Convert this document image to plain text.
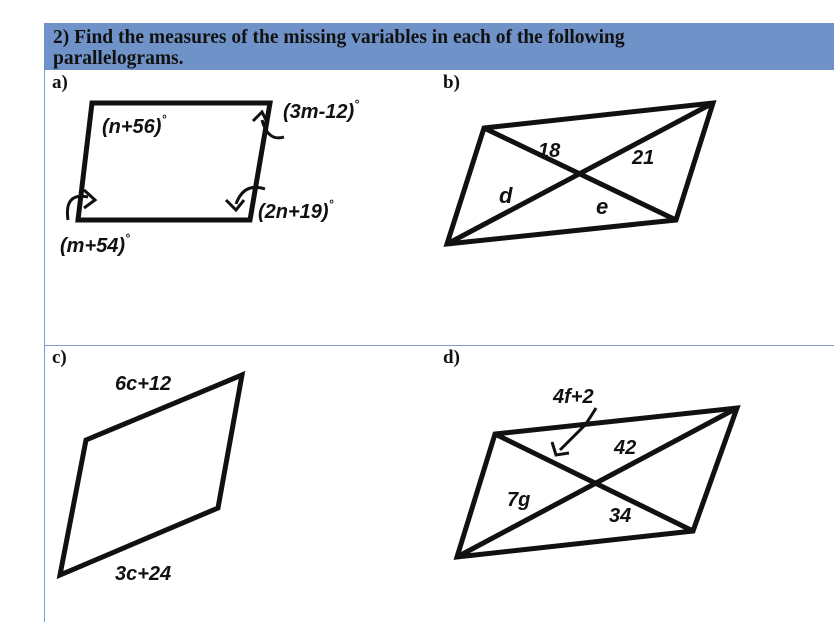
2) Find the measures of the missing variables in each of the following
parallelograms.
a)	b)
c)	d)
(n+56)°	(3m-12)°
(2n+19)°
(m+54)°
18	21
d	e
6c+12
3c+24
4f+2
42
7g
34
